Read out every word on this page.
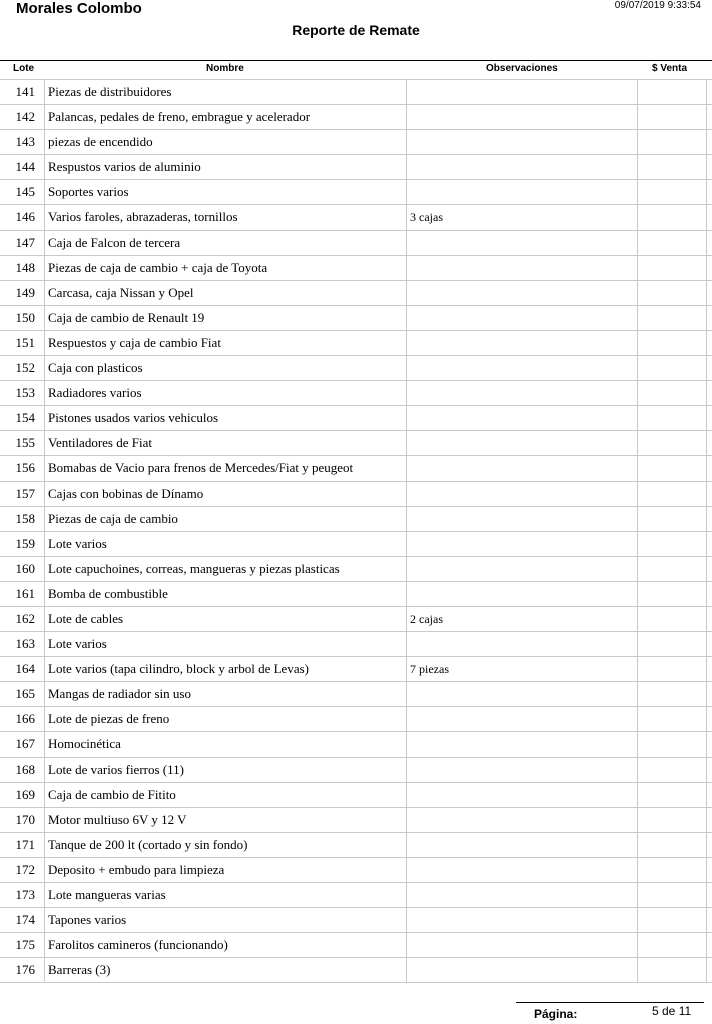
Morales Colombo	09/07/2019 9:33:54
Reporte de Remate
Lote	Nombre	Observaciones	$ Venta
141 Piezas de distribuidores
142 Palancas, pedales de freno, embrague y acelerador
143 piezas de encendido
144 Respustos varios de aluminio
145 Soportes varios
146 Varios faroles, abrazaderas, tornillos	3 cajas
147 Caja de Falcon de tercera
148 Piezas de caja de cambio + caja de Toyota
149 Carcasa, caja Nissan y Opel
150 Caja de cambio de Renault 19
151 Respuestos y caja de cambio Fiat
152 Caja con plasticos
153 Radiadores varios
154 Pistones usados varios vehiculos
155 Ventiladores de Fiat
156 Bomabas de Vacio para frenos de Mercedes/Fiat y peugeot
157 Cajas con bobinas de Dínamo
158 Piezas de caja de cambio
159 Lote varios
160 Lote capuchoines, correas, mangueras y piezas plasticas
161 Bomba de combustible
162 Lote de cables	2 cajas
163 Lote varios
164 Lote varios (tapa cilindro, block y arbol de Levas)	7 piezas
165 Mangas de radiador sin uso
166 Lote de piezas de freno
167 Homocinética
168 Lote de varios fierros (11)
169 Caja de cambio de Fitito
170 Motor multiuso 6V y 12 V
171 Tanque de 200 lt (cortado y sin fondo)
172 Deposito + embudo para limpieza
173 Lote mangueras varias
174 Tapones varios
175 Farolitos camineros (funcionando)
176 Barreras (3)
Página:	5 de 11
